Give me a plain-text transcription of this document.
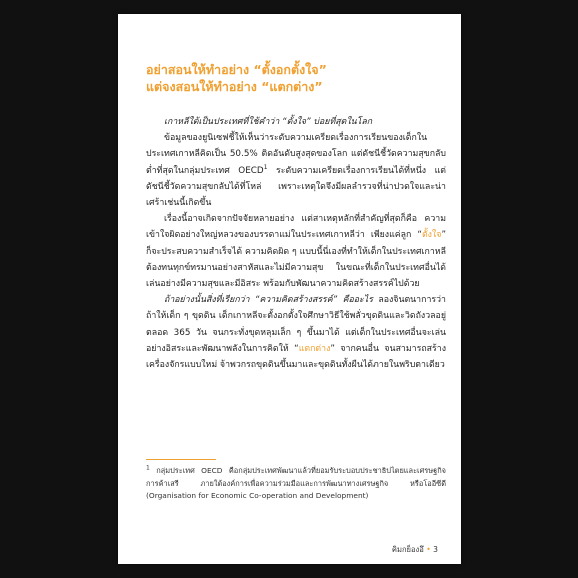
อย่าสอนให้ทำอย่าง “ตั้งอกตั้งใจ”
แต่จงสอนให้ทำอย่าง “แตกต่าง”

เกาหลีใต้เป็นประเทศที่ใช้คำว่า “ตั้งใจ” บ่อยที่สุดในโลก

ข้อมูลของยูนิเซฟชี้ให้เห็นว่าระดับความเครียดเรื่องการเรียนของเด็กในประเทศเกาหลีคิดเป็น 50.5% ติดอันดับสูงสุดของโลก แต่ดัชนีชี้วัดความสุขกลับต่ำที่สุดในกลุ่มประเทศ OECD$^1$ ระดับความเครียดเรื่องการเรียนได้ที่หนึ่ง แต่ดัชนีชี้วัดความสุขกลับได้ที่โหล่ เพราะเหตุใดจึงมีผลลำรวจที่น่าปวดใจและน่าเศร้าเช่นนี้เกิดขึ้น

เรื่องนี้อาจเกิดจากปัจจัยหลายอย่าง แต่สาเหตุหลักที่สำคัญที่สุดก็คือ ความเข้าใจผิดอย่างใหญ่หลวงของบรรดาแม่ในประเทศเกาหลีว่า เพียงแค่ลูก “ตั้งใจ” ก็จะประสบความสำเร็จได้ ความคิดผิด ๆ แบบนี้นี่เองที่ทำให้เด็กในประเทศเกาหลีต้องทนทุกข์ทรมานอย่างสาหัสและไม่มีความสุข ในขณะที่เด็กในประเทศอื่นได้เล่นอย่างมีความสุขและมีอิสระ พร้อมกับพัฒนาความคิดสร้างสรรค์ไปด้วย

ถ้าอย่างนั้นสิ่งที่เรียกว่า “ความคิดสร้างสรรค์” คืออะไร ลองจินตนาการว่าถ้าให้เด็ก ๆ ขุดดิน เด็กเกาหลีจะตั้งอกตั้งใจศึกษาวิธีใช้พลั่วขุดดินและวิดถังวลอยู่ตลอด 365 วัน จนกระทั่งขุดหลุมเล็ก ๆ ขึ้นมาได้ แต่เด็กในประเทศอื่นจะเล่นอย่างอิสระและพัฒนาพลังในการคิดให้ “แตกต่าง” จากคนอื่น จนสามารถสร้างเครื่องจักรแบบใหม่ จ้าพวกรถขุดดินขึ้นมาและขุดดินทั้งผืนได้ภายในพริบตาเดียว

$^1$ กลุ่มประเทศ OECD คือกลุ่มประเทศพัฒนาแล้วที่ยอมรับระบอบประชาธิปไตยและเศรษฐกิจการค้าเสรี ภายใต้องค์การเพื่อความร่วมมือและการพัฒนาทางเศรษฐกิจ หรือโออีซีดี (Organisation for Economic Co-operation and Development)
คิมกย็องอึ • 3
